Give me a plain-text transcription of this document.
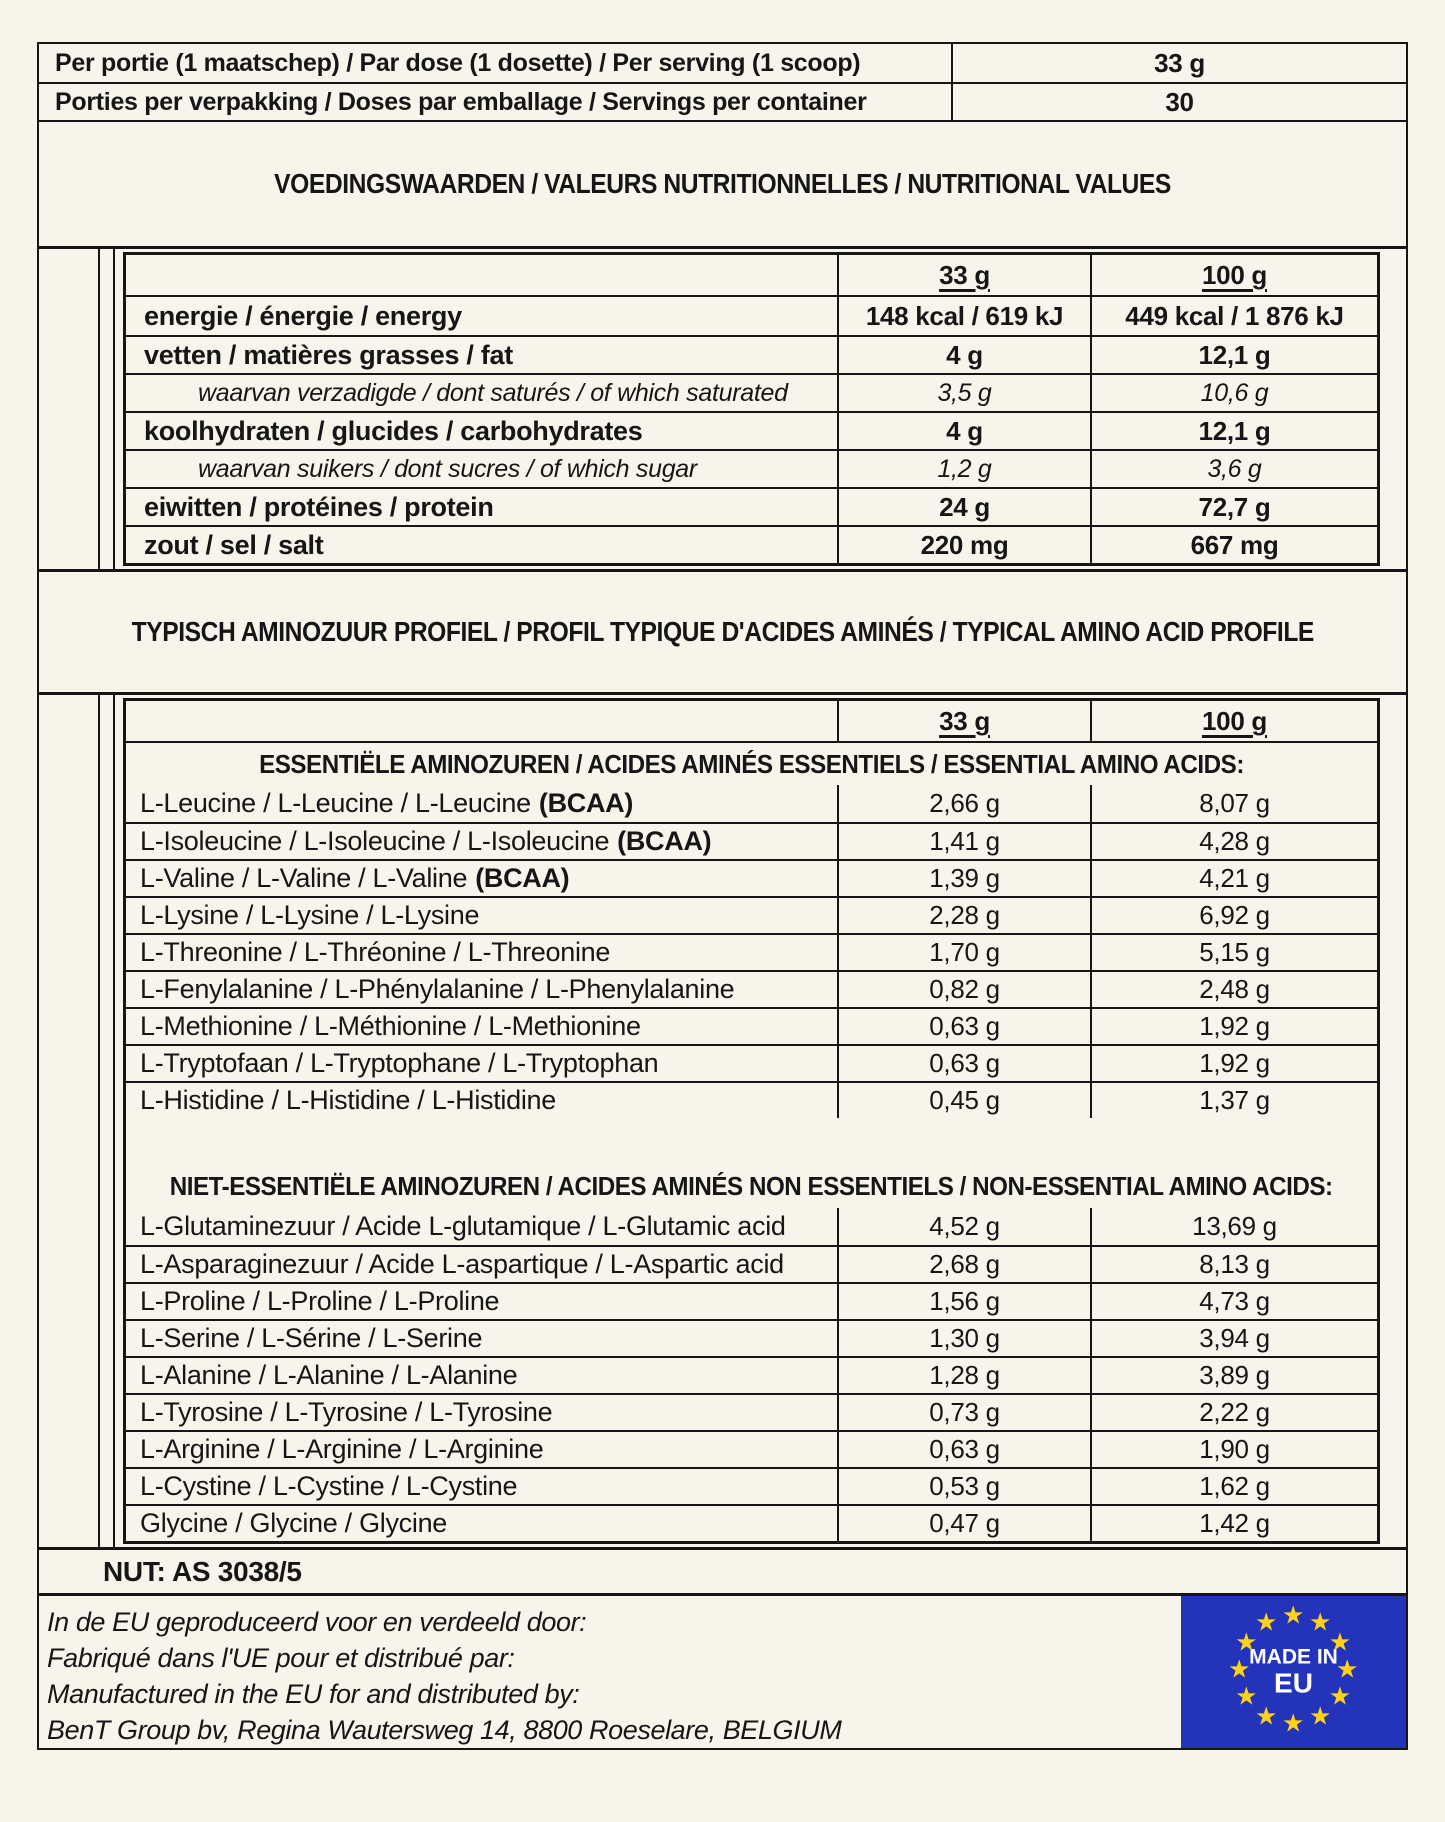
Per portie (1 maatschep) / Par dose (1 dosette) / Per serving (1 scoop)	33 g
Porties per verpakking / Doses par emballage / Servings per container	30
VOEDINGSWAARDEN / VALEURS NUTRITIONNELLES / NUTRITIONAL VALUES
33 g	100 g
energie / énergie / energy	148 kcal / 619 kJ	449 kcal / 1 876 kJ
vetten / matières grasses / fat	4 g	12,1 g
waarvan verzadigde / dont saturés / of which saturated	3,5 g	10,6 g
koolhydraten / glucides / carbohydrates	4 g	12,1 g
waarvan suikers / dont sucres / of which sugar	1,2 g	3,6 g
eiwitten / protéines / protein	24 g	72,7 g
zout / sel / salt	220 mg	667 mg
TYPISCH AMINOZUUR PROFIEL / PROFIL TYPIQUE D'ACIDES AMINÉS / TYPICAL AMINO ACID PROFILE
33 g	100 g
ESSENTIËLE AMINOZUREN / ACIDES AMINÉS ESSENTIELS / ESSENTIAL AMINO ACIDS:
L-Leucine / L-Leucine / L-Leucine (BCAA)	2,66 g	8,07 g
L-Isoleucine / L-Isoleucine / L-Isoleucine (BCAA)	1,41 g	4,28 g
L-Valine / L-Valine / L-Valine (BCAA)	1,39 g	4,21 g
L-Lysine / L-Lysine / L-Lysine	2,28 g	6,92 g
L-Threonine / L-Thréonine / L-Threonine	1,70 g	5,15 g
L-Fenylalanine / L-Phénylalanine / L-Phenylalanine	0,82 g	2,48 g
L-Methionine / L-Méthionine / L-Methionine	0,63 g	1,92 g
L-Tryptofaan / L-Tryptophane / L-Tryptophan	0,63 g	1,92 g
L-Histidine / L-Histidine / L-Histidine	0,45 g	1,37 g
NIET-ESSENTIËLE AMINOZUREN / ACIDES AMINÉS NON ESSENTIELS / NON-ESSENTIAL AMINO ACIDS:
L-Glutaminezuur / Acide L-glutamique / L-Glutamic acid	4,52 g	13,69 g
L-Asparaginezuur / Acide L-aspartique / L-Aspartic acid	2,68 g	8,13 g
L-Proline / L-Proline / L-Proline	1,56 g	4,73 g
L-Serine / L-Sérine / L-Serine	1,30 g	3,94 g
L-Alanine / L-Alanine / L-Alanine	1,28 g	3,89 g
L-Tyrosine / L-Tyrosine / L-Tyrosine	0,73 g	2,22 g
L-Arginine / L-Arginine / L-Arginine	0,63 g	1,90 g
L-Cystine / L-Cystine / L-Cystine	0,53 g	1,62 g
Glycine / Glycine / Glycine	0,47 g	1,42 g
NUT: AS 3038/5
In de EU geproduceerd voor en verdeeld door:
Fabriqué dans l'UE pour et distribué par:
Manufactured in the EU for and distributed by:
BenT Group bv, Regina Wautersweg 14, 8800 Roeselare, BELGIUM
MADE IN
EU
★ ★
★
★
★
★
★
★
★
★
★
★
